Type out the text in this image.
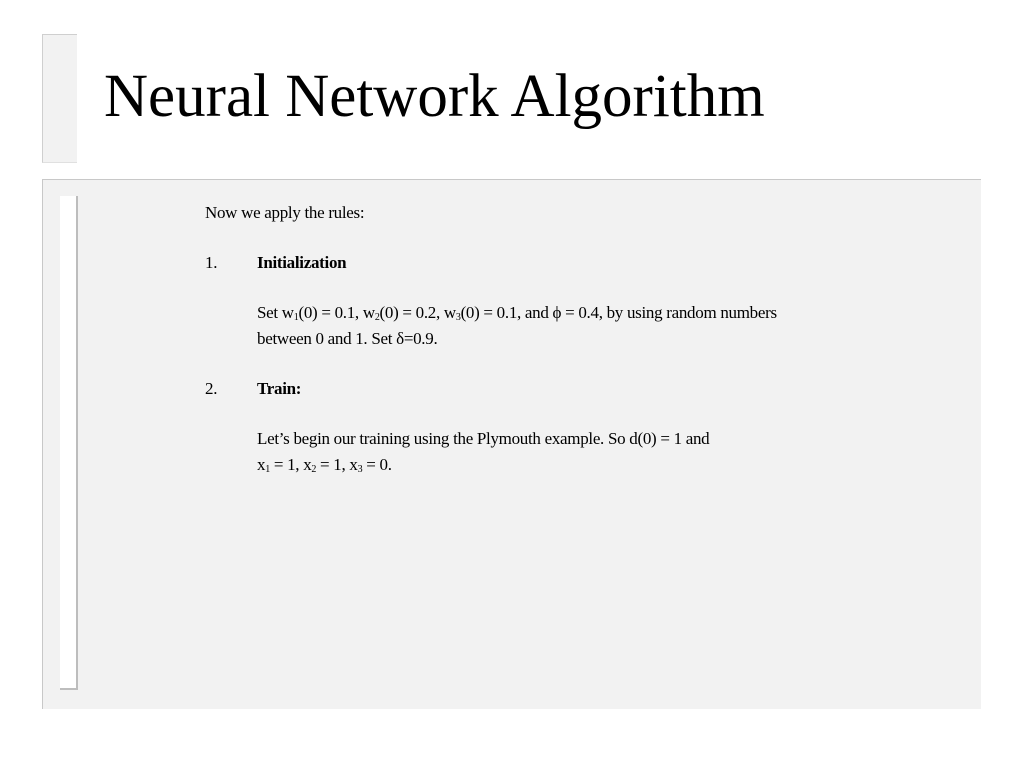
Neural Network Algorithm
Now we apply the rules:
1.	Initialization
Set $w_1(0) = 0.1$, $w_2(0) = 0.2$, $w_3(0) = 0.1$, and ϕ = 0.4, by using random numbers
between 0 and 1. Set δ=0.9.
2.	Train:
Let’s begin our training using the Plymouth example. So d(0) = 1 and
$x_1 = 1$, $x_2 = 1$, $x_3 = 0$.
